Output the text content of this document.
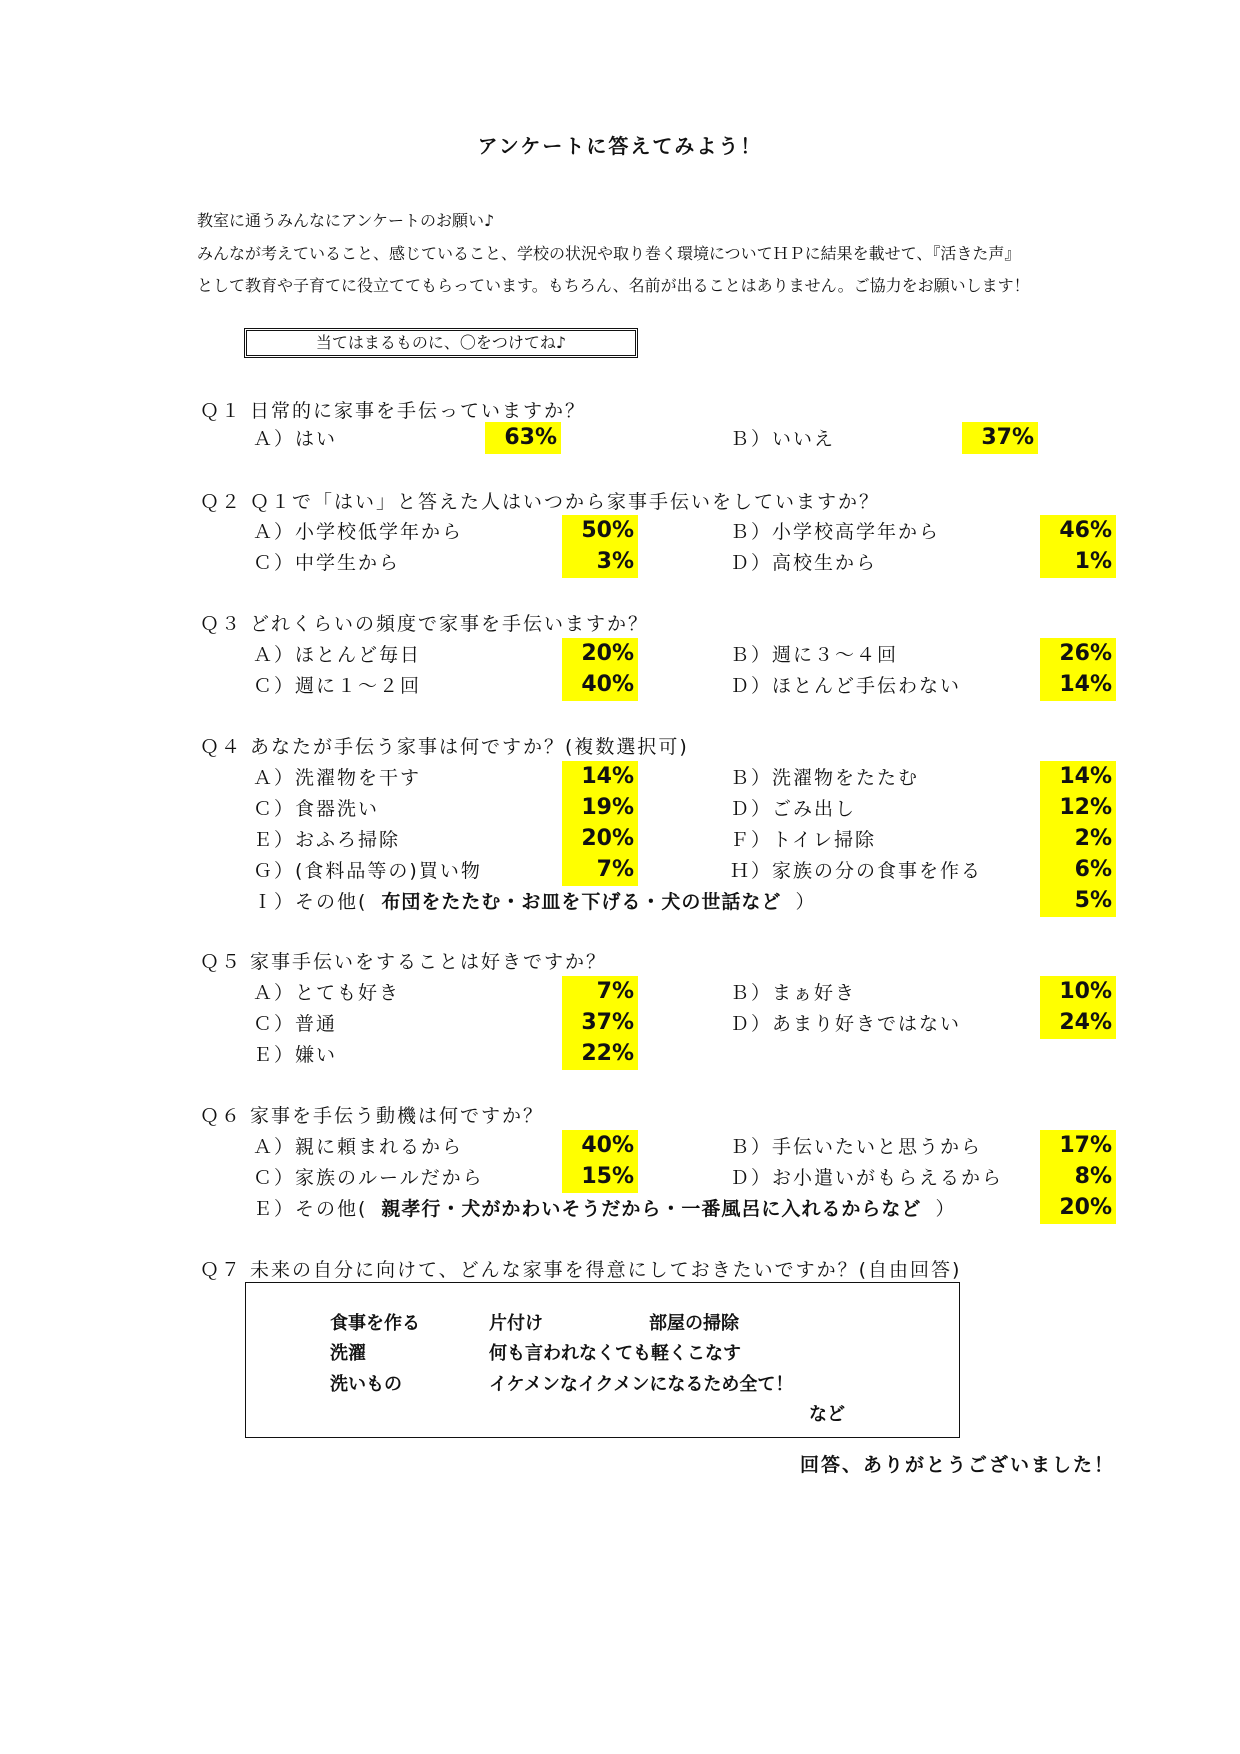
アンケートに答えてみよう！
教室に通うみんなにアンケートのお願い♪
みんなが考えていること、感じていること、学校の状況や取り巻く環境についてＨＰに結果を載せて、『活きた声』
として教育や子育てに役立ててもらっています。もちろん、名前が出ることはありません。ご協力をお願いします！
当てはまるものに、〇をつけてね♪
Ｑ１ 日常的に家事を手伝っていますか？
Ａ）はい	63%	Ｂ）いいえ	37%
Ｑ２ Ｑ１で「はい」と答えた人はいつから家事手伝いをしていますか？
Ａ）小学校低学年から	50%	Ｂ）小学校高学年から	46%
Ｃ）中学生から	3%	Ｄ）高校生から	1%
Ｑ３ どれくらいの頻度で家事を手伝いますか？
Ａ）ほとんど毎日	20%	Ｂ）週に３～４回	26%
Ｃ）週に１～２回	40%	Ｄ）ほとんど手伝わない	14%
Ｑ４ あなたが手伝う家事は何ですか？(複数選択可)
Ａ）洗濯物を干す	14%	Ｂ）洗濯物をたたむ	14%
Ｃ）食器洗い	19%	Ｄ）ごみ出し	12%
Ｅ）おふろ掃除	20%	Ｆ）トイレ掃除	2%
Ｇ）(食料品等の)買い物	7%	Ｈ）家族の分の食事を作る	6%
Ｉ）その他( 布団をたたむ・お皿を下げる・犬の世話など ）	5%
Ｑ５ 家事手伝いをすることは好きですか？
Ａ）とても好き	7%	Ｂ）まぁ好き	10%
Ｃ）普通	37%	Ｄ）あまり好きではない	24%
Ｅ）嫌い	22%
Ｑ６ 家事を手伝う動機は何ですか？
Ａ）親に頼まれるから	40%	Ｂ）手伝いたいと思うから	17%
Ｃ）家族のルールだから	15%	Ｄ）お小遣いがもらえるから	8%
Ｅ）その他( 親孝行・犬がかわいそうだから・一番風呂に入れるからなど ）	20%
Ｑ７ 未来の自分に向けて、どんな家事を得意にしておきたいですか？(自由回答)
食事を作る	片付け	部屋の掃除
洗濯	何も言われなくても軽くこなす
洗いもの	イケメンなイクメンになるため全て！
など
回答、ありがとうございました！
